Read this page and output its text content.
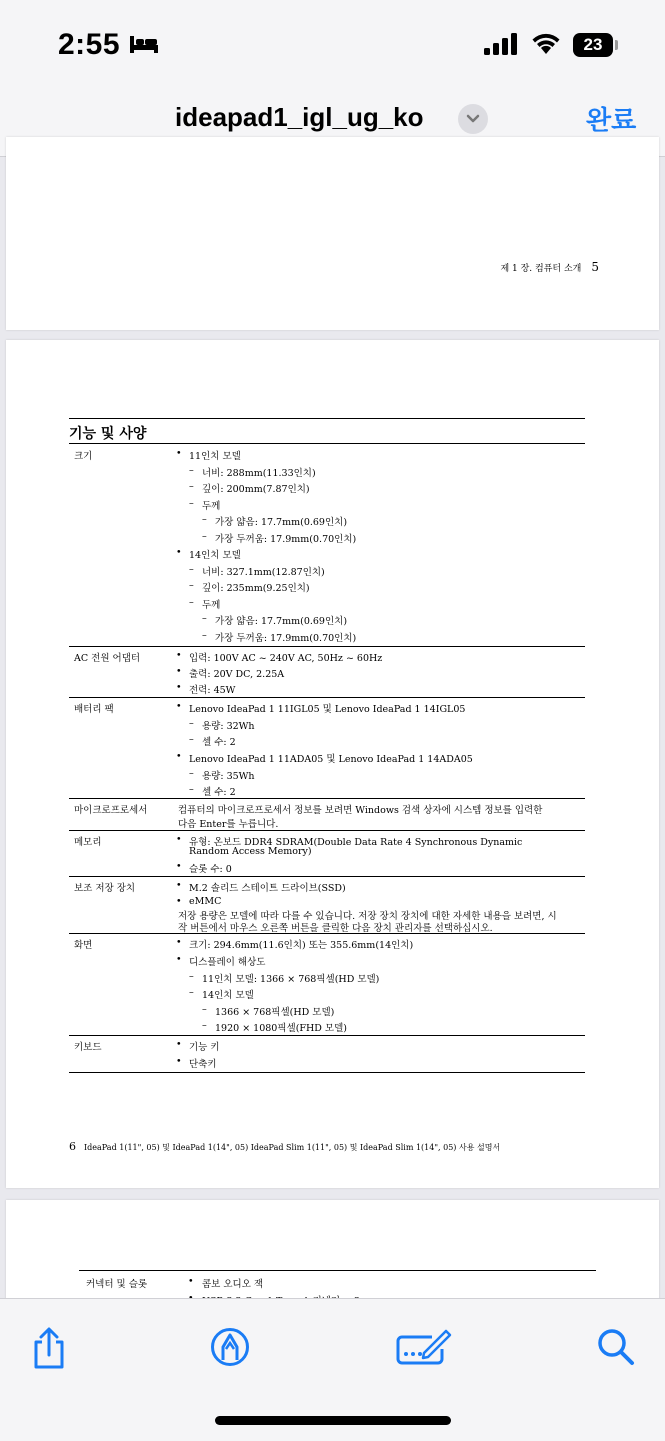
2:55	23
ideapad1_igl_ug_ko	완료
제 1 장. 컴퓨터 소개 5
기능 및 사양
크기	• 11인치 모델
– 너비: 288mm(11.33인치)
– 깊이: 200mm(7.87인치)
– 두께
– 가장 얇음: 17.7mm(0.69인치)
– 가장 두꺼움: 17.9mm(0.70인치)
• 14인치 모델
– 너비: 327.1mm(12.87인치)
– 깊이: 235mm(9.25인치)
– 두께
– 가장 얇음: 17.7mm(0.69인치)
– 가장 두꺼움: 17.9mm(0.70인치)
AC 전원 어댑터	• 입력: 100V AC ~ 240V AC, 50Hz ~ 60Hz
• 출력: 20V DC, 2.25A
• 전력: 45W
배터리 팩	• Lenovo IdeaPad 1 11IGL05 및 Lenovo IdeaPad 1 14IGL05
– 용량: 32Wh
– 셀 수: 2
• Lenovo IdeaPad 1 11ADA05 및 Lenovo IdeaPad 1 14ADA05
– 용량: 35Wh
– 셀 수: 2
마이크로프로세서	컴퓨터의 마이크로프로세서 정보를 보려면 Windows 검색 상자에 시스템 정보를 입력한
다음 Enter를 누릅니다.
메모리	• 유형: 온보드 DDR4 SDRAM(Double Data Rate 4 Synchronous Dynamic
Random Access Memory)
• 슬롯 수: 0
보조 저장 장치	• M.2 솔리드 스테이트 드라이브(SSD)
• eMMC
저장 용량은 모델에 따라 다를 수 있습니다. 저장 장치 장치에 대한 자세한 내용을 보려면, 시
작 버튼에서 마우스 오른쪽 버튼을 클릭한 다음 장치 관리자를 선택하십시오.
화면	• 크기: 294.6mm(11.6인치) 또는 355.6mm(14인치)
• 디스플레이 해상도
– 11인치 모델: 1366 × 768픽셀(HD 모델)
– 14인치 모델
– 1366 × 768픽셀(HD 모델)
– 1920 × 1080픽셀(FHD 모델)
키보드	• 기능 키
• 단축키
6 IdeaPad 1(11", 05) 및 IdeaPad 1(14", 05) IdeaPad Slim 1(11", 05) 및 IdeaPad Slim 1(14", 05) 사용 설명서
커넥터 및 슬롯	• 콤보 오디오 잭
